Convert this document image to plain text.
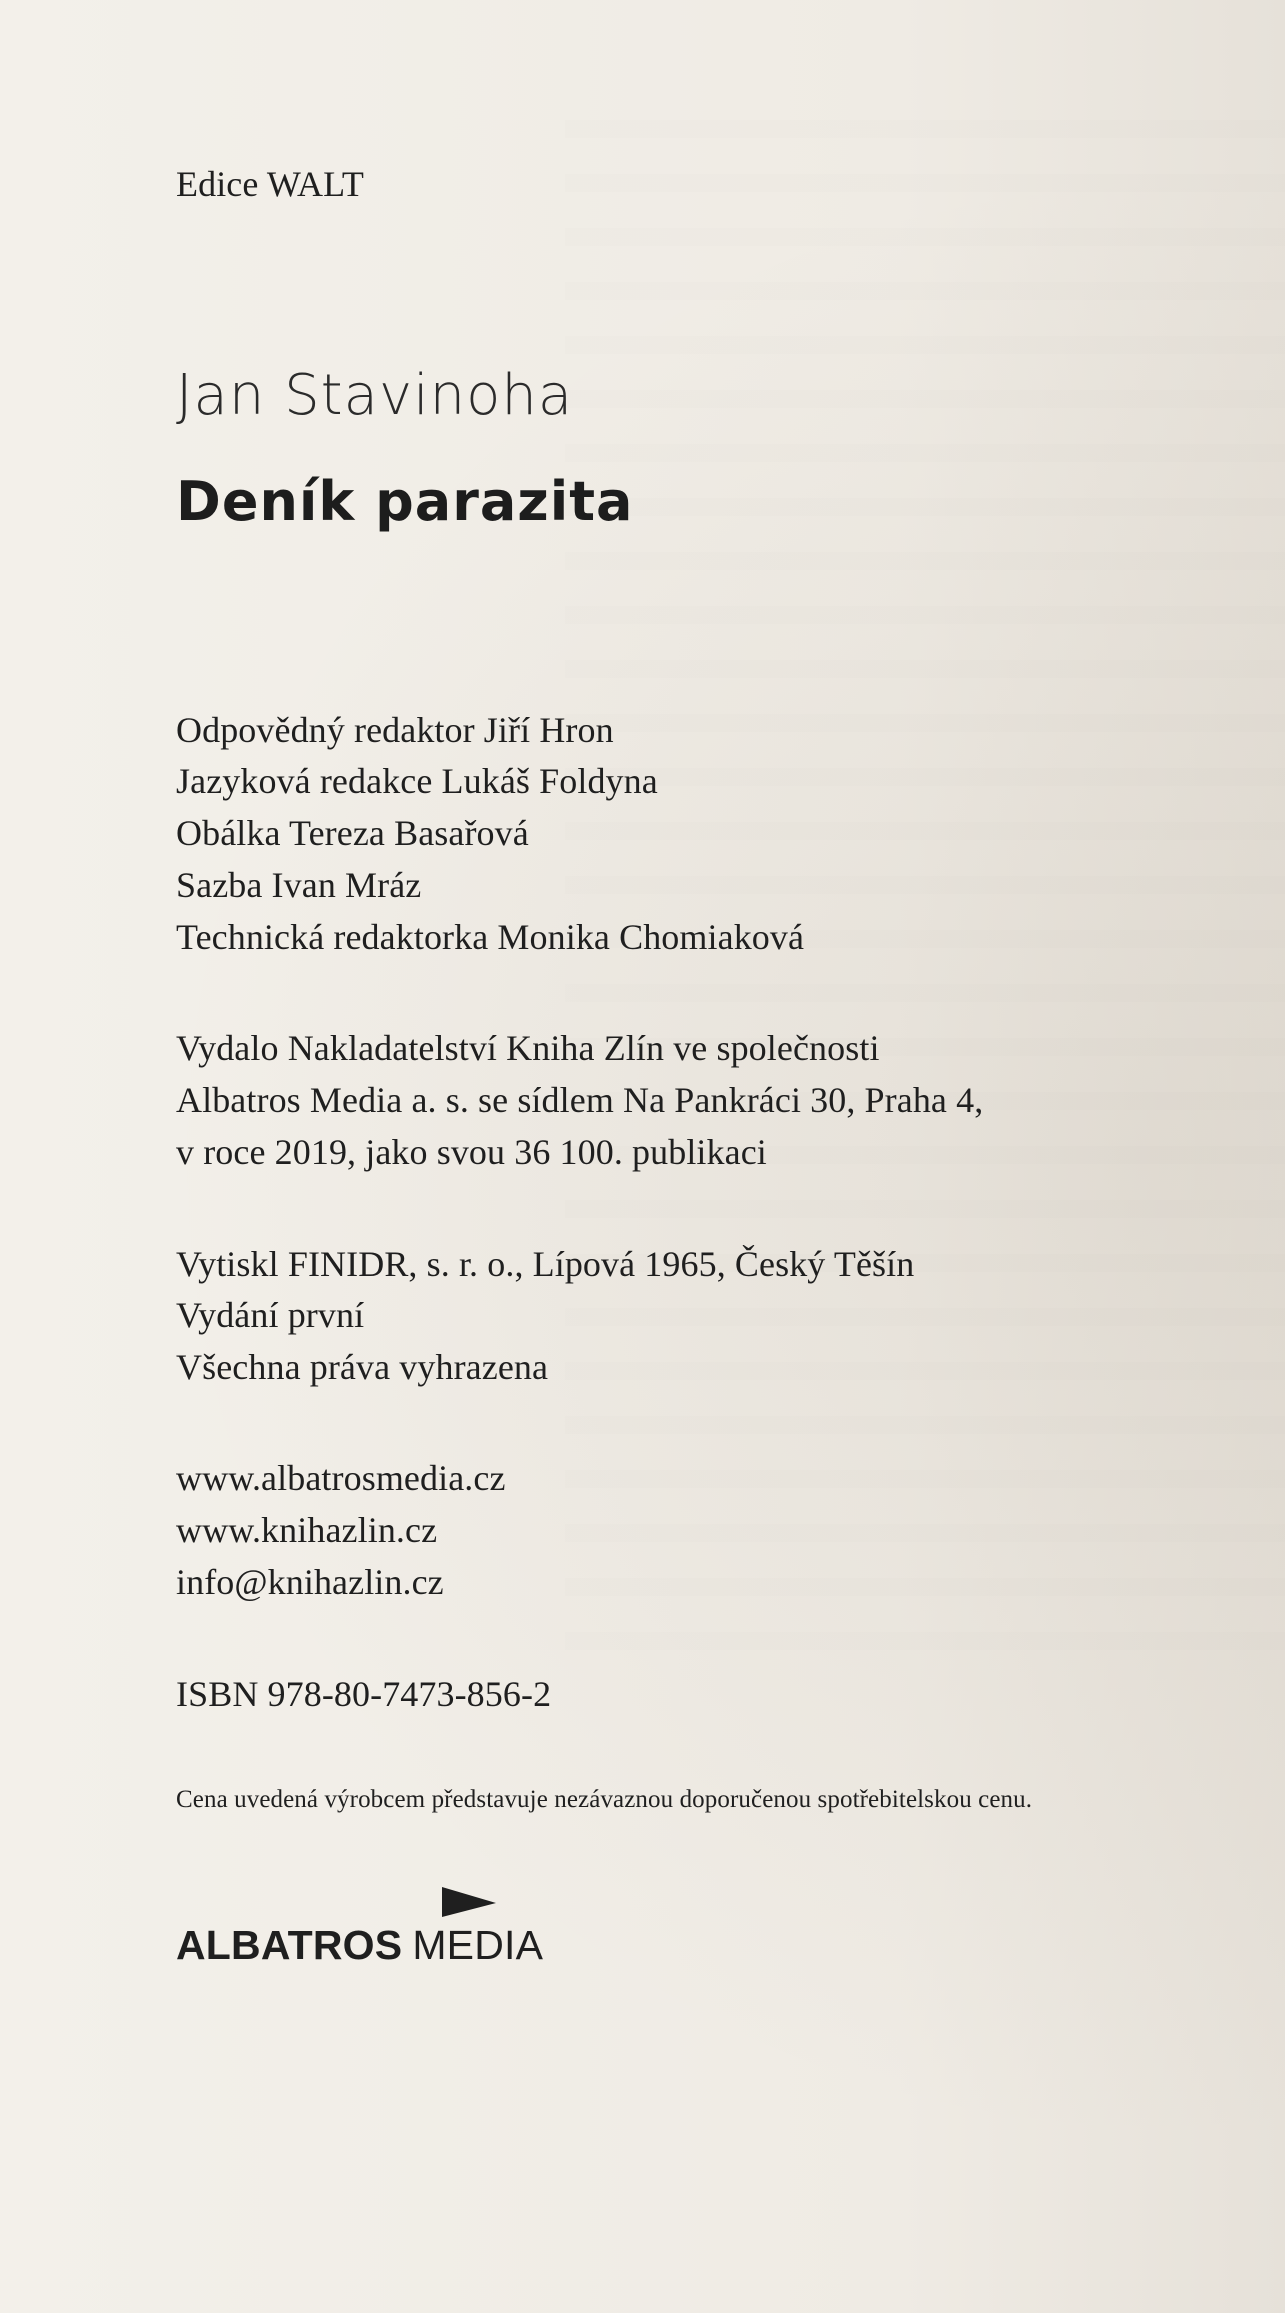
Edice WALT

Jan Stavinoha
Deník parazita

Odpovědný redaktor Jiří Hron

Jazyková redakce Lukáš Foldyna

Obálka Tereza Basařová

Sazba Ivan Mráz

Technická redaktorka Monika Chomiaková

Vydalo Nakladatelství Kniha Zlín ve společnosti

Albatros Media a. s. se sídlem Na Pankráci 30, Praha 4,

v roce 2019, jako svou 36 100. publikaci

Vytiskl FINIDR, s. r. o., Lípová 1965, Český Těšín

Vydání první

Všechna práva vyhrazena

www.albatrosmedia.cz

www.knihazlin.cz

info@knihazlin.cz

ISBN 978-80-7473-856-2

Cena uvedená výrobcem představuje nezávaznou doporučenou spotřebitelskou cenu.

ALBATROS MEDIA
